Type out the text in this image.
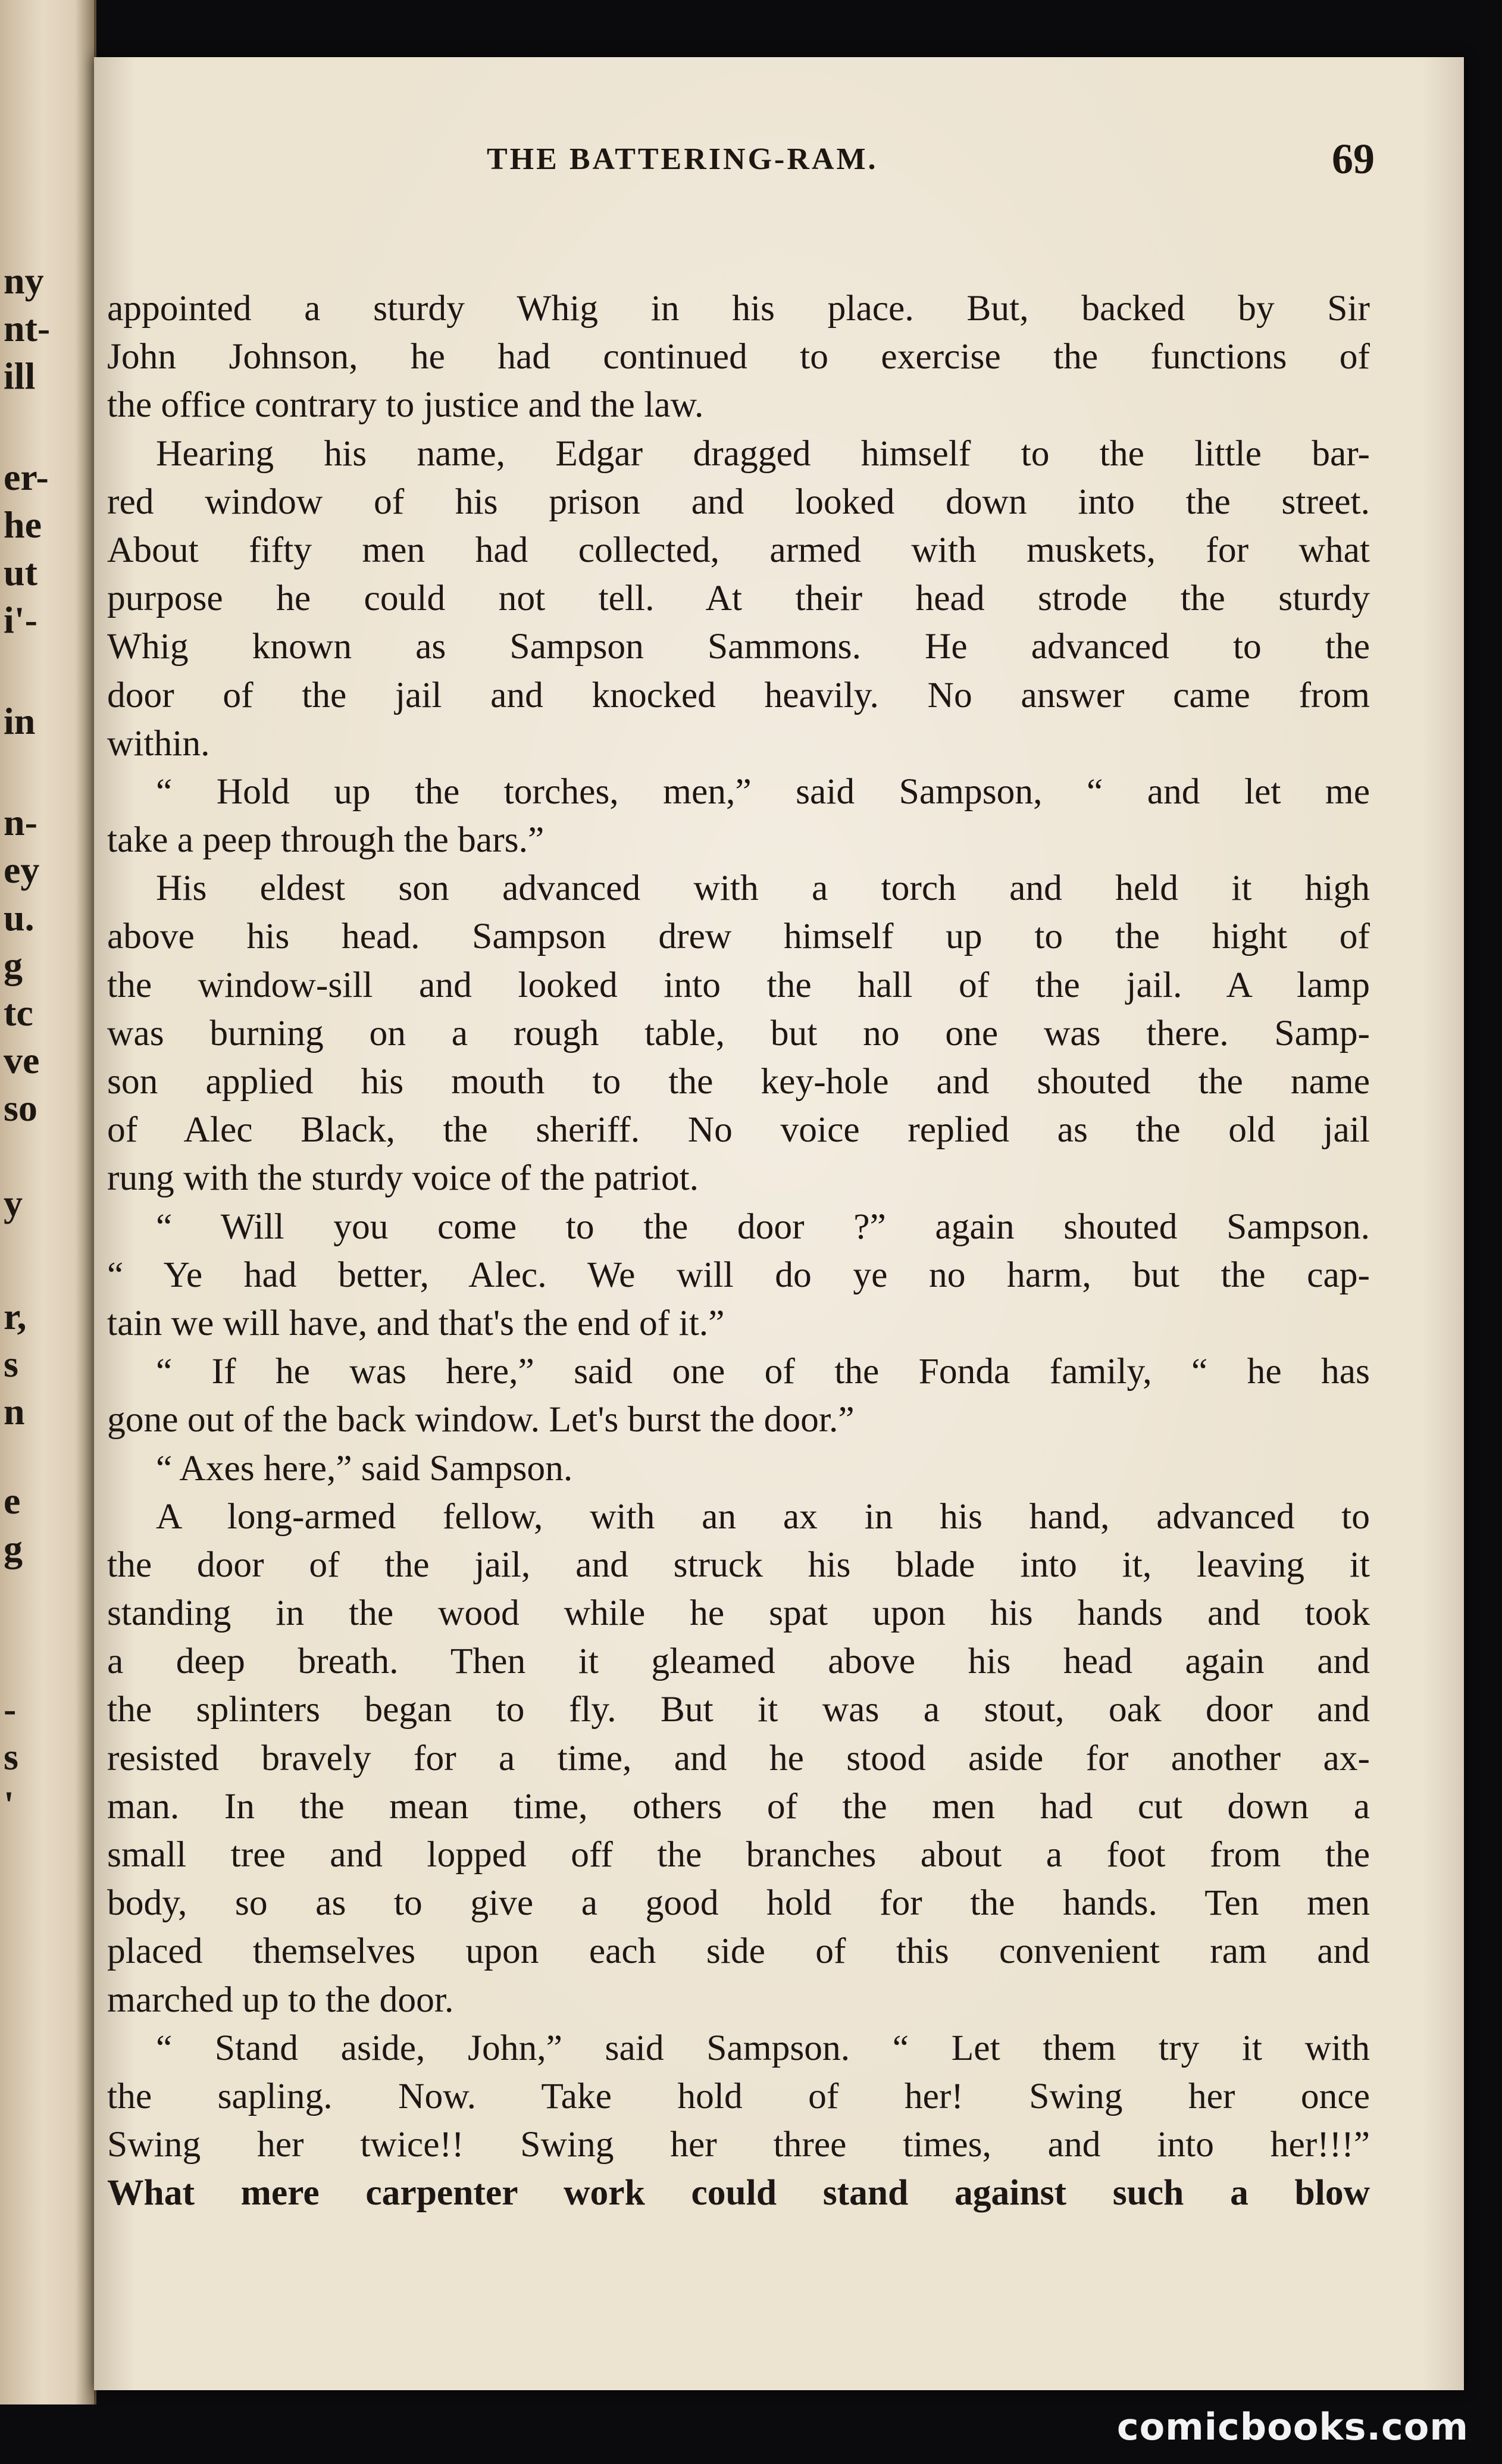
ny
nt-
ill
er-
he
ut
i'-
in
n-
ey
u.
g
tc
ve
so
y
r,
s
n
e
g
-
s
'
THE BATTERING-RAM.	69
appointed a sturdy Whig in his place. But, backed by Sir
John Johnson, he had continued to exercise the functions of
the office contrary to justice and the law.
Hearing his name, Edgar dragged himself to the little bar-
red window of his prison and looked down into the street.
About fifty men had collected, armed with muskets, for what
purpose he could not tell. At their head strode the sturdy
Whig known as Sampson Sammons. He advanced to the
door of the jail and knocked heavily. No answer came from
within.
“ Hold up the torches, men,” said Sampson, “ and let me
take a peep through the bars.”
His eldest son advanced with a torch and held it high
above his head. Sampson drew himself up to the hight of
the window-sill and looked into the hall of the jail. A lamp
was burning on a rough table, but no one was there. Samp-
son applied his mouth to the key-hole and shouted the name
of Alec Black, the sheriff. No voice replied as the old jail
rung with the sturdy voice of the patriot.
“ Will you come to the door ?” again shouted Sampson.
“ Ye had better, Alec. We will do ye no harm, but the cap-
tain we will have, and that's the end of it.”
“ If he was here,” said one of the Fonda family, “ he has
gone out of the back window. Let's burst the door.”
“ Axes here,” said Sampson.
A long-armed fellow, with an ax in his hand, advanced to
the door of the jail, and struck his blade into it, leaving it
standing in the wood while he spat upon his hands and took
a deep breath. Then it gleamed above his head again and
the splinters began to fly. But it was a stout, oak door and
resisted bravely for a time, and he stood aside for another ax-
man. In the mean time, others of the men had cut down a
small tree and lopped off the branches about a foot from the
body, so as to give a good hold for the hands. Ten men
placed themselves upon each side of this convenient ram and
marched up to the door.
“ Stand aside, John,” said Sampson. “ Let them try it with
the sapling. Now. Take hold of her! Swing her once
Swing her twice!! Swing her three times, and into her!!!”
What mere carpenter work could stand against such a blow
comicbooks.com
